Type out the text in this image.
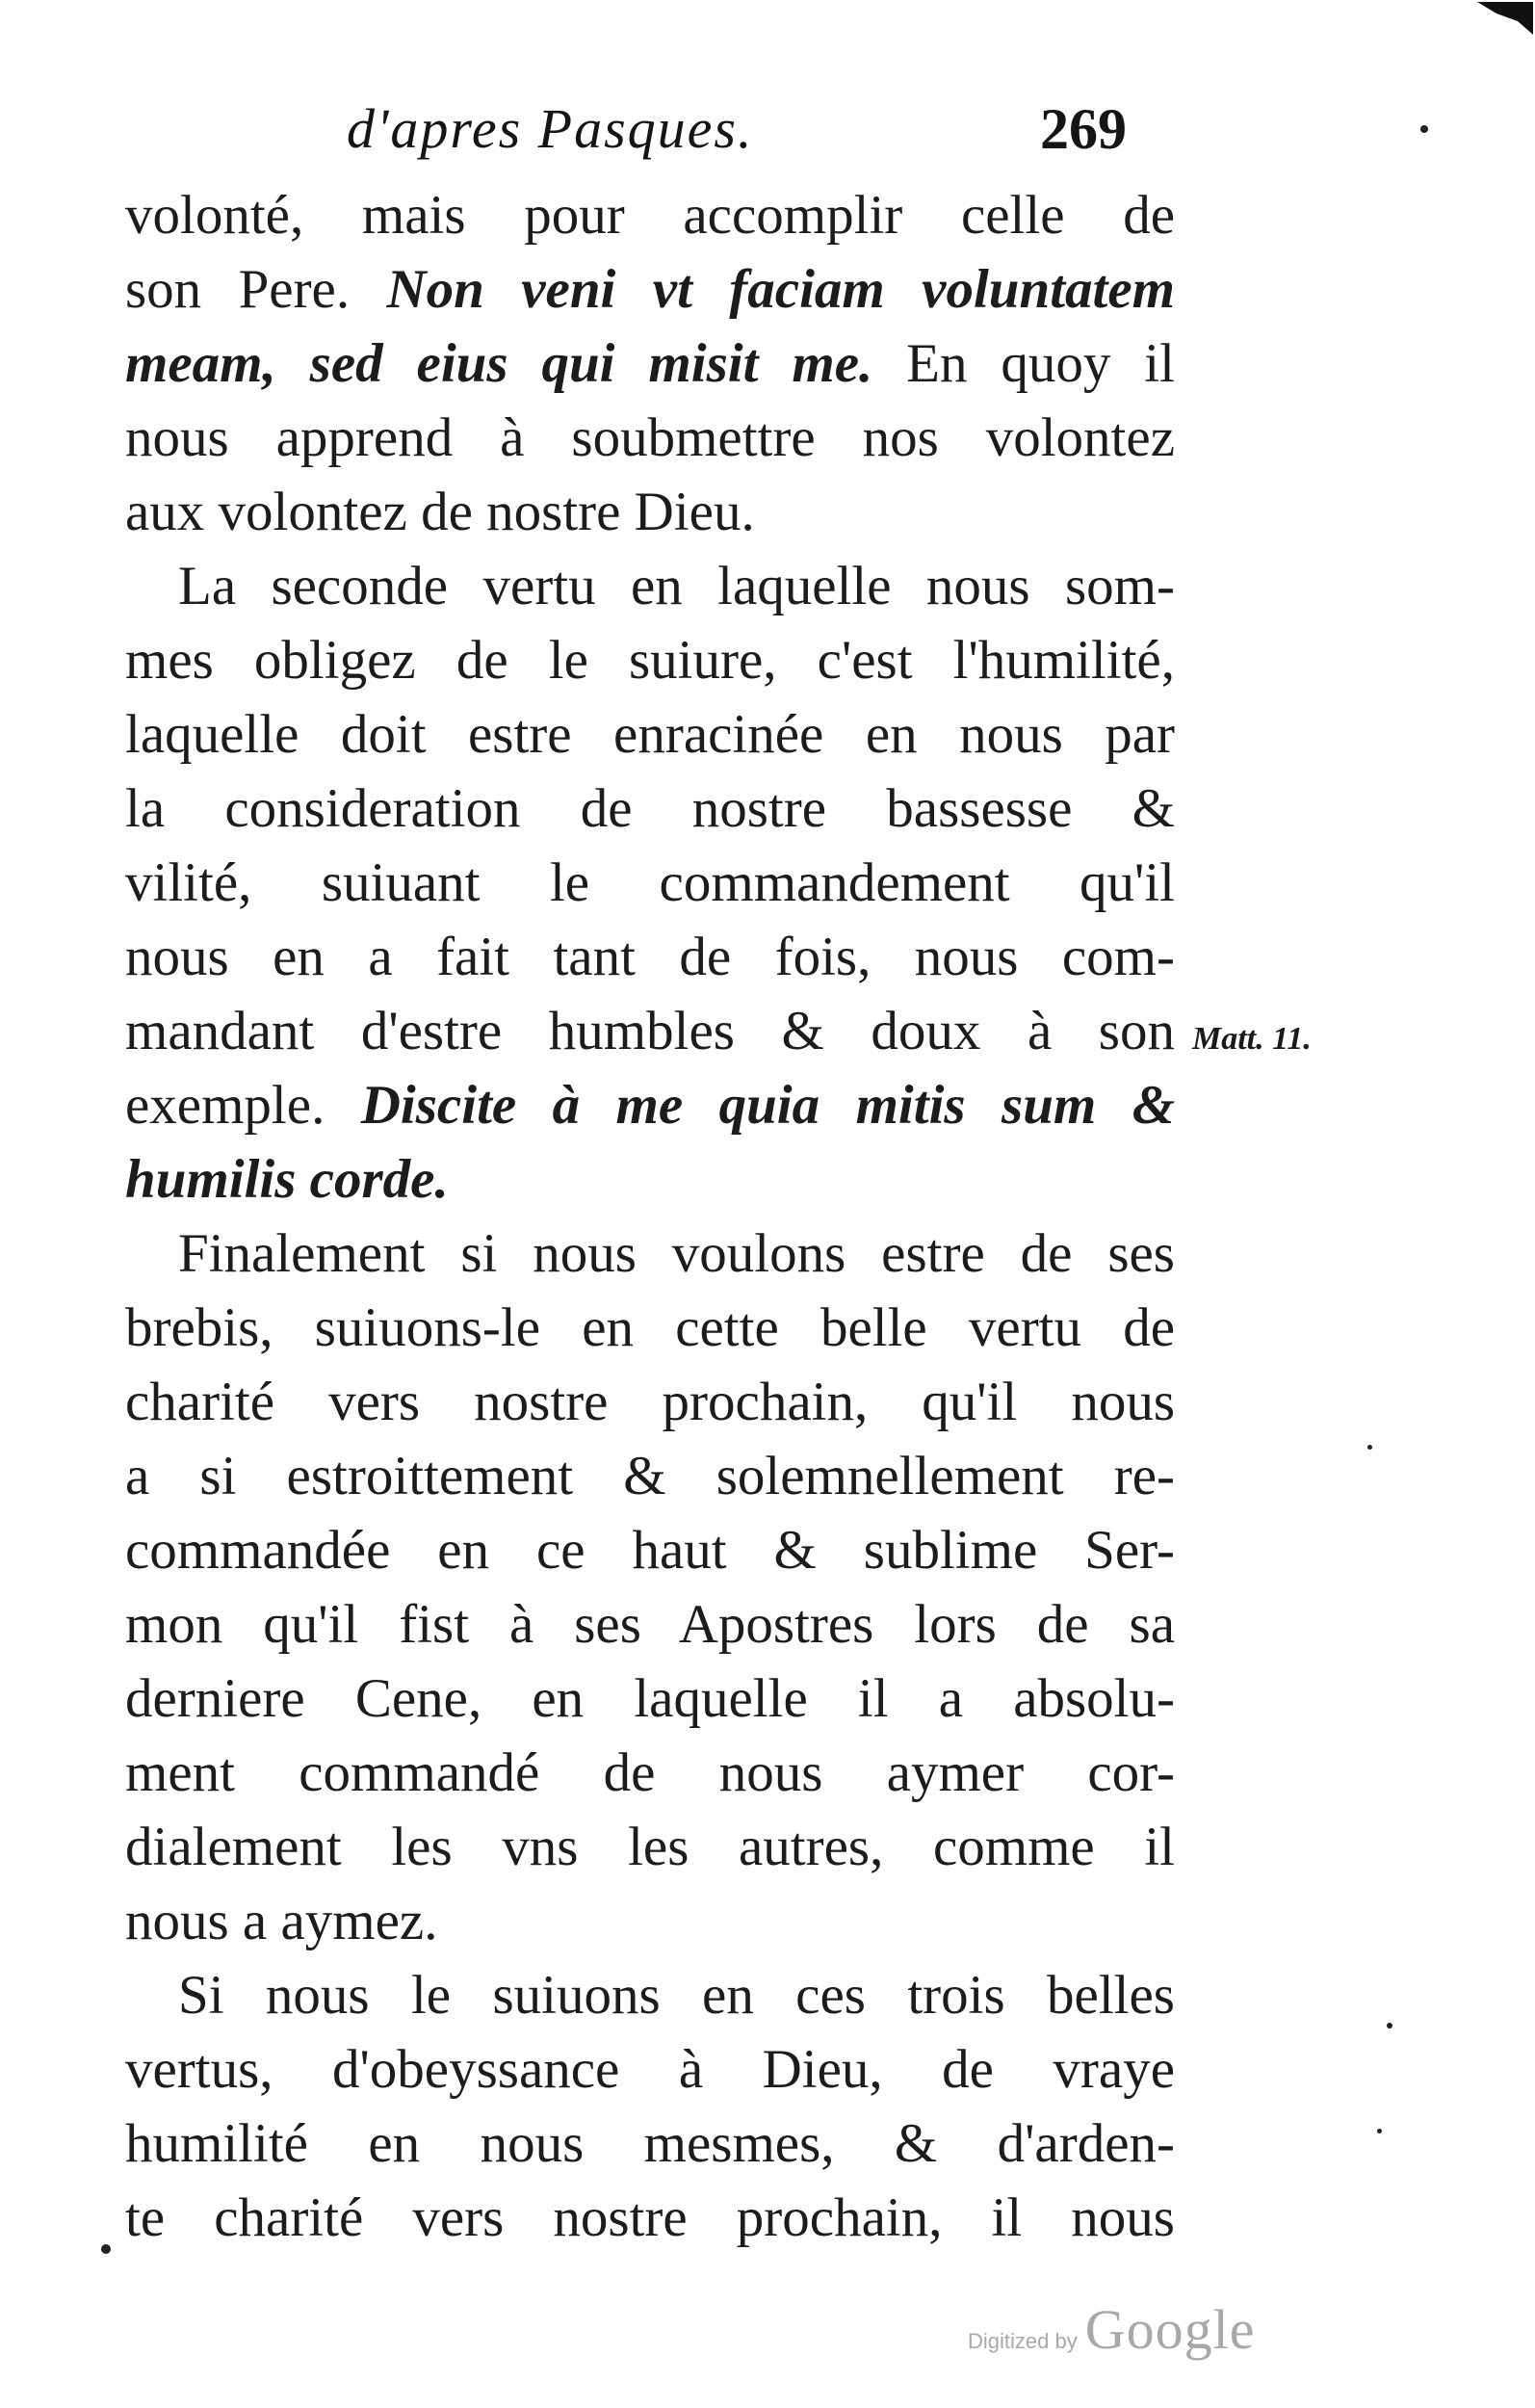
d'apres Pasques.	269
volonté, mais pour accomplir celle de
son Pere. Non veni vt faciam voluntatem
meam, sed eius qui misit me. En quoy il
nous apprend à soubmettre nos volontez
aux volontez de nostre Dieu.
La seconde vertu en laquelle nous som-
mes obligez de le suiure, c'est l'humilité,
laquelle doit estre enracinée en nous par
la consideration de nostre bassesse &
vilité, suiuant le commandement qu'il
nous en a fait tant de fois, nous com-
mandant d'estre humbles & doux à son
exemple. Discite à me quia mitis sum &
humilis corde.
Finalement si nous voulons estre de ses
brebis, suiuons-le en cette belle vertu de
charité vers nostre prochain, qu'il nous
a si estroittement & solemnellement re-
commandée en ce haut & sublime Ser-
mon qu'il fist à ses Apostres lors de sa
derniere Cene, en laquelle il a absolu-
ment commandé de nous aymer cor-
dialement les vns les autres, comme il
nous a aymez.
Si nous le suiuons en ces trois belles
vertus, d'obeyssance à Dieu, de vraye
humilité en nous mesmes, & d'arden-
te charité vers nostre prochain, il nous
Matt. 11.
Digitized by Google
